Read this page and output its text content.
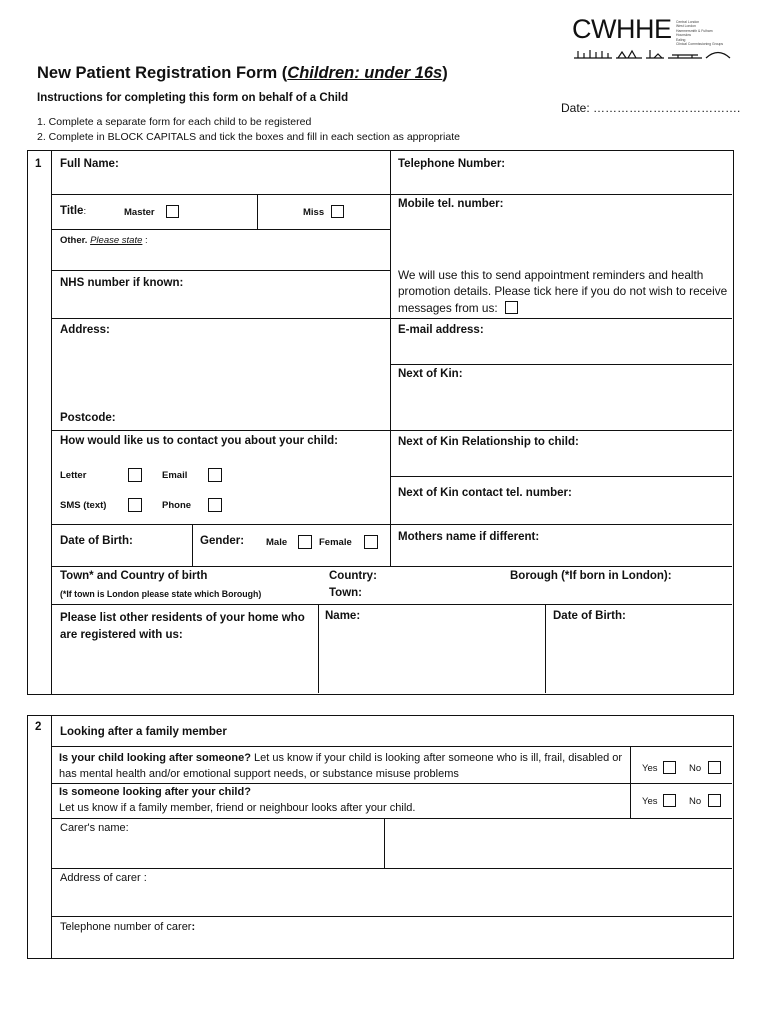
CWHHE Central London
West London
Hammersmith & Fulham
Hounslow
Ealing
Clinical Commissioning Groups
New Patient Registration Form (Children: under 16s)
Instructions for completing this form on behalf of a Child
Date: ……………………………….
1. Complete a separate form for each child to be registered
2. Complete in BLOCK CAPITALS and tick the boxes and fill in each section as appropriate
1 Full Name:	Telephone Number:
Title:	Master	Miss
Other. Please state :
Mobile tel. number:
We will use this to send appointment reminders and health promotion details. Please tick here if you do not wish to receive messages from us:
NHS number if known:
Address:	E-mail address:
Next of Kin:
Postcode:
How would like us to contact you about your child:
Letter	Email
SMS (text)	Phone
Next of Kin Relationship to child:
Next of Kin contact tel. number:
Date of Birth:	Gender: Male	Female	Mothers name if different:
Town* and Country of birth
(*If town is London please state which Borough)
Country:
Town:
Borough (*If born in London):
Please list other residents of your home who are registered with us:
Name:	Date of Birth:
2 Looking after a family member
Is your child looking after someone? Let us know if your child is looking after someone who is ill, frail, disabled or has mental health and/or emotional support needs, or substance misuse problems	Yes	No
Is someone looking after your child?
Let us know if a family member, friend or neighbour looks after your child.	Yes	No
Carer's name:
Address of carer :
Telephone number of carer:
